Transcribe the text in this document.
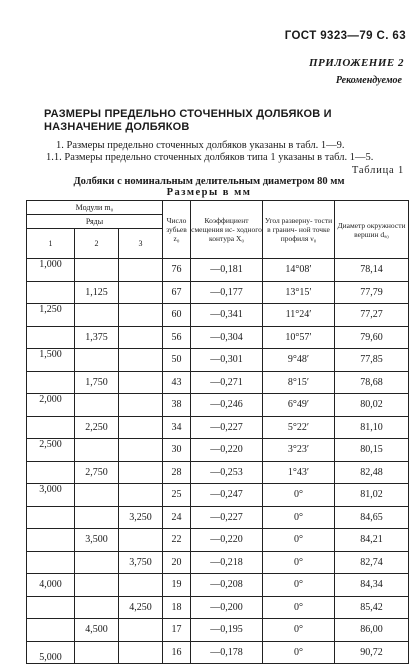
ГОСТ 9323—79 С. 63
ПРИЛОЖЕНИЕ 2
Рекомендуемое
РАЗМЕРЫ ПРЕДЕЛЬНО СТОЧЕННЫХ ДОЛБЯКОВ И НАЗНАЧЕНИЕ ДОЛБЯКОВ
1. Размеры предельно сточенных долбяков указаны в табл. 1—9.
1.1. Размеры предельно сточенных долбяков типа 1 указаны в табл. 1—5.
Таблица 1
Долбяки с номинальным делительным диаметром 80 мм
Размеры в мм
Модули m₀			Число зубьев z₀	Коэффициент смещения ис- ходного контура X₀	Угол разверну- тости в гранич- ной точке профиля ν₀	Диаметр окружности вершин dₐ₀
Ряды						
1	2	3				
1,000			76	—0,181	14°08′	78,14
	1,125		67	—0,177	13°15′	77,79
1,250			60	—0,341	11°24′	77,27
	1,375		56	—0,304	10°57′	79,60
1,500			50	—0,301	9°48′	77,85
	1,750		43	—0,271	8°15′	78,68
2,000			38	—0,246	6°49′	80,02
	2,250		34	—0,227	5°22′	81,10
2,500			30	—0,220	3°23′	80,15
	2,750		28	—0,253	1°43′	82,48
3,000			25	—0,247	0°	81,02
		3,250	24	—0,227	0°	84,65
	3,500		22	—0,220	0°	84,21
		3,750	20	—0,218	0°	82,74
4,000			19	—0,208	0°	84,34
		4,250	18	—0,200	0°	85,42
	4,500		17	—0,195	0°	86,00
5,000			16	—0,178	0°	90,72
